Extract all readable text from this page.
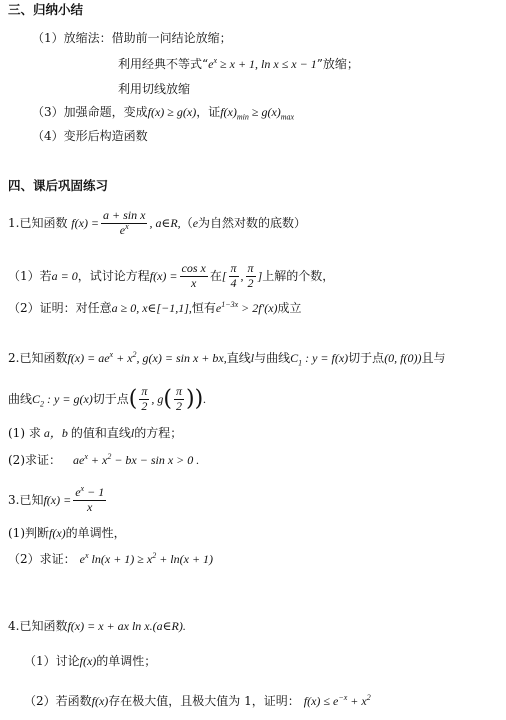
三、归纳小结
（1）放缩法：借助前一问结论放缩；
利用经典不等式“$e^x \ge x + 1$, ln x ≤ x − 1”放缩；
利用切线放缩
（3）加强命题，变成f(x) ≥ g(x)，证$f(x)_{min} \ge g(x)_{max}$
（4）变形后构造函数
四、课后巩固练习
1.已知函数 $f(x) = \frac{\text{a + sin x}}{e^x}$ , a∈R,（e为自然对数的底数）
（1）若a = 0，试讨论方程$f(x) = \frac{\text{cos x}}{x}$ 在[ $\frac{\pi}{4}$ , $\frac{\pi}{2}$ ]上解的个数，
（2）证明：对任意a ≥ 0, x∈[−1,1],恒有$e^{1-3x} > 2f'(x)$成立
2.已知函数$f(x) = ae^x + x^2$, g(x) = sin x + bx,直线l与曲线$C_1$ : y = f(x)切于点(0, f(0))且与
曲线$C_2$ : y = g(x)切于点( $\frac{\pi}{2}$ , $g( \frac{\pi}{2}$ )).
(1) 求 a，b 的值和直线l的方程；
(2)求证： $ae^x + x^2$ − bx − sin x > 0 .
3.已知$f(x) = \frac{e^x - 1}{x}$
(1)判断f(x)的单调性，
（2）求证： $e^x$ $\ln(x + 1) \ge x^2 + \ln(x + 1)$
4.已知函数f(x) = x + ax ln x.(a∈R).
（1）讨论f(x)的单调性；
（2）若函数f(x)存在极大值，且极大值为 1，证明： $f(x) \le e^{-x} + x^2$
